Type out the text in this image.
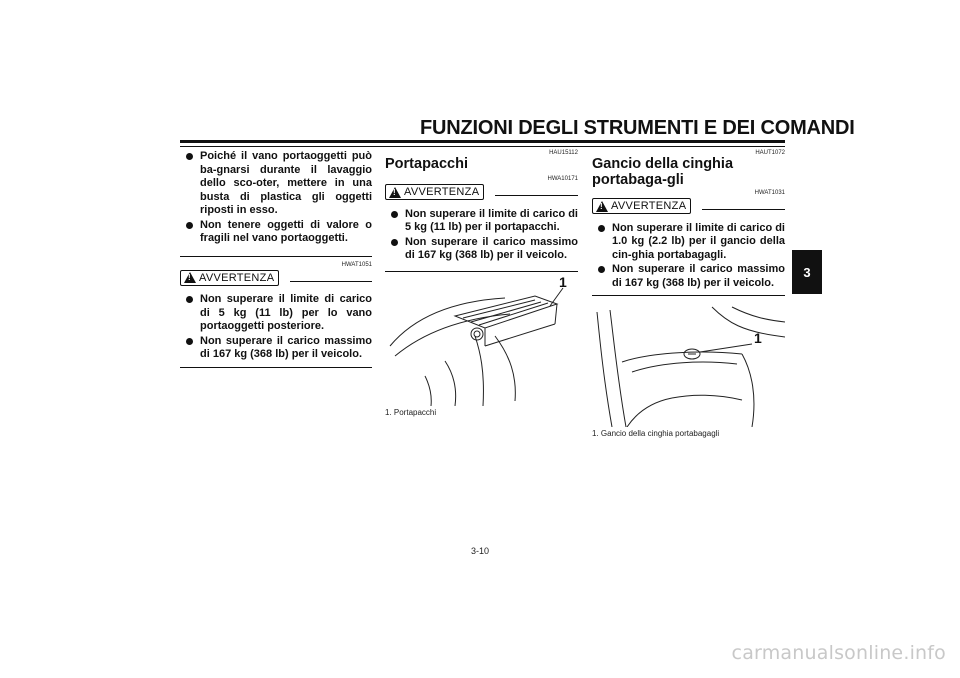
FUNZIONI DEGLI STRUMENTI E DEI COMANDI
3
Poiché il vano portaoggetti può ba-gnarsi durante il lavaggio dello sco-oter, mettere in una busta di plastica gli oggetti riposti in esso.
Non tenere oggetti di valore o fragili nel vano portaoggetti.
HWAT1051
!
AVVERTENZA
Non superare il limite di carico di 5 kg (11 lb) per lo vano portaoggetti posteriore.
Non superare il carico massimo di 167 kg (368 lb) per il veicolo.
HAU15112
Portapacchi
HWA10171
!
AVVERTENZA
Non superare il limite di carico di 5 kg (11 lb) per il portapacchi.
Non superare il carico massimo di 167 kg (368 lb) per il veicolo.
1
1. Portapacchi
HAUT1072
Gancio della cinghia portabaga-gli
HWAT1031
!
AVVERTENZA
Non superare il limite di carico di 1.0 kg (2.2 lb) per il gancio della cin-ghia portabagagli.
Non superare il carico massimo di 167 kg (368 lb) per il veicolo.
1
1. Gancio della cinghia portabagagli
3-10
carmanualsonline.info
